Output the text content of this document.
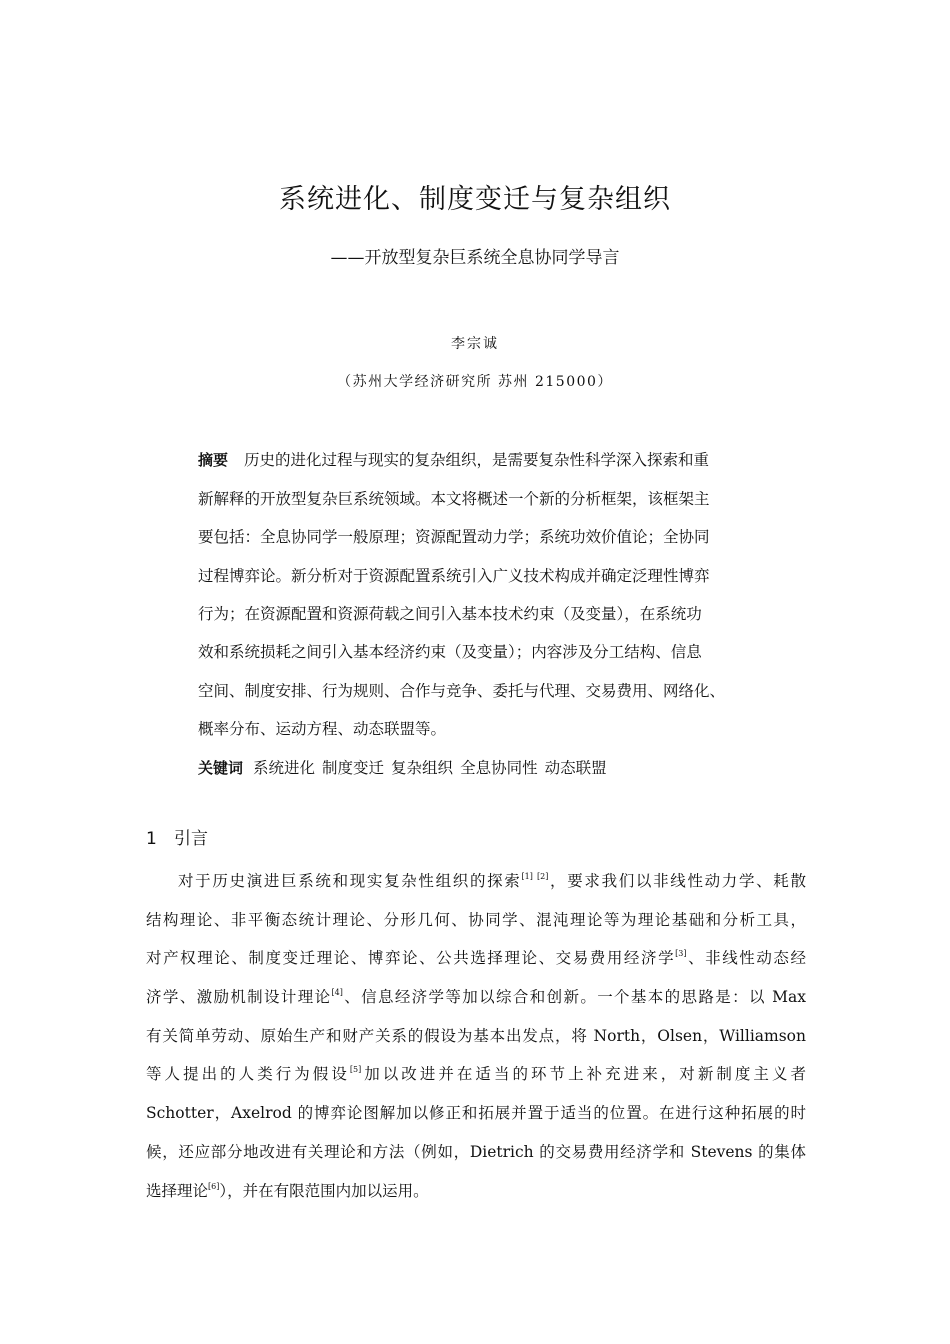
系统进化、制度变迁与复杂组织
——开放型复杂巨系统全息协同学导言
李宗诚
（苏州大学经济研究所 苏州 215000）
摘要 历史的进化过程与现实的复杂组织，是需要复杂性科学深入探索和重
新解释的开放型复杂巨系统领域。本文将概述一个新的分析框架，该框架主
要包括：全息协同学一般原理；资源配置动力学；系统功效价值论；全协同
过程博弈论。新分析对于资源配置系统引入广义技术构成并确定泛理性博弈
行为；在资源配置和资源荷载之间引入基本技术约束（及变量），在系统功
效和系统损耗之间引入基本经济约束（及变量）；内容涉及分工结构、信息
空间、制度安排、行为规则、合作与竞争、委托与代理、交易费用、网络化、
概率分布、运动方程、动态联盟等。
关键词 系统进化 制度变迁 复杂组织 全息协同性 动态联盟
1 引言
对于历史演进巨系统和现实复杂性组织的探索[1] [2]，要求我们以非线性动力学、耗散
结构理论、非平衡态统计理论、分形几何、协同学、混沌理论等为理论基础和分析工具，
对产权理论、制度变迁理论、博弈论、公共选择理论、交易费用经济学[3]、非线性动态经
济学、激励机制设计理论[4]、信息经济学等加以综合和创新。一个基本的思路是：以 Max
有关简单劳动、原始生产和财产关系的假设为基本出发点，将 North，Olsen，Williamson
等人提出的人类行为假设[5]加以改进并在适当的环节上补充进来，对新制度主义者
Schotter，Axelrod 的博弈论图解加以修正和拓展并置于适当的位置。在进行这种拓展的时
候，还应部分地改进有关理论和方法（例如，Dietrich 的交易费用经济学和 Stevens 的集体
选择理论[6]），并在有限范围内加以运用。
